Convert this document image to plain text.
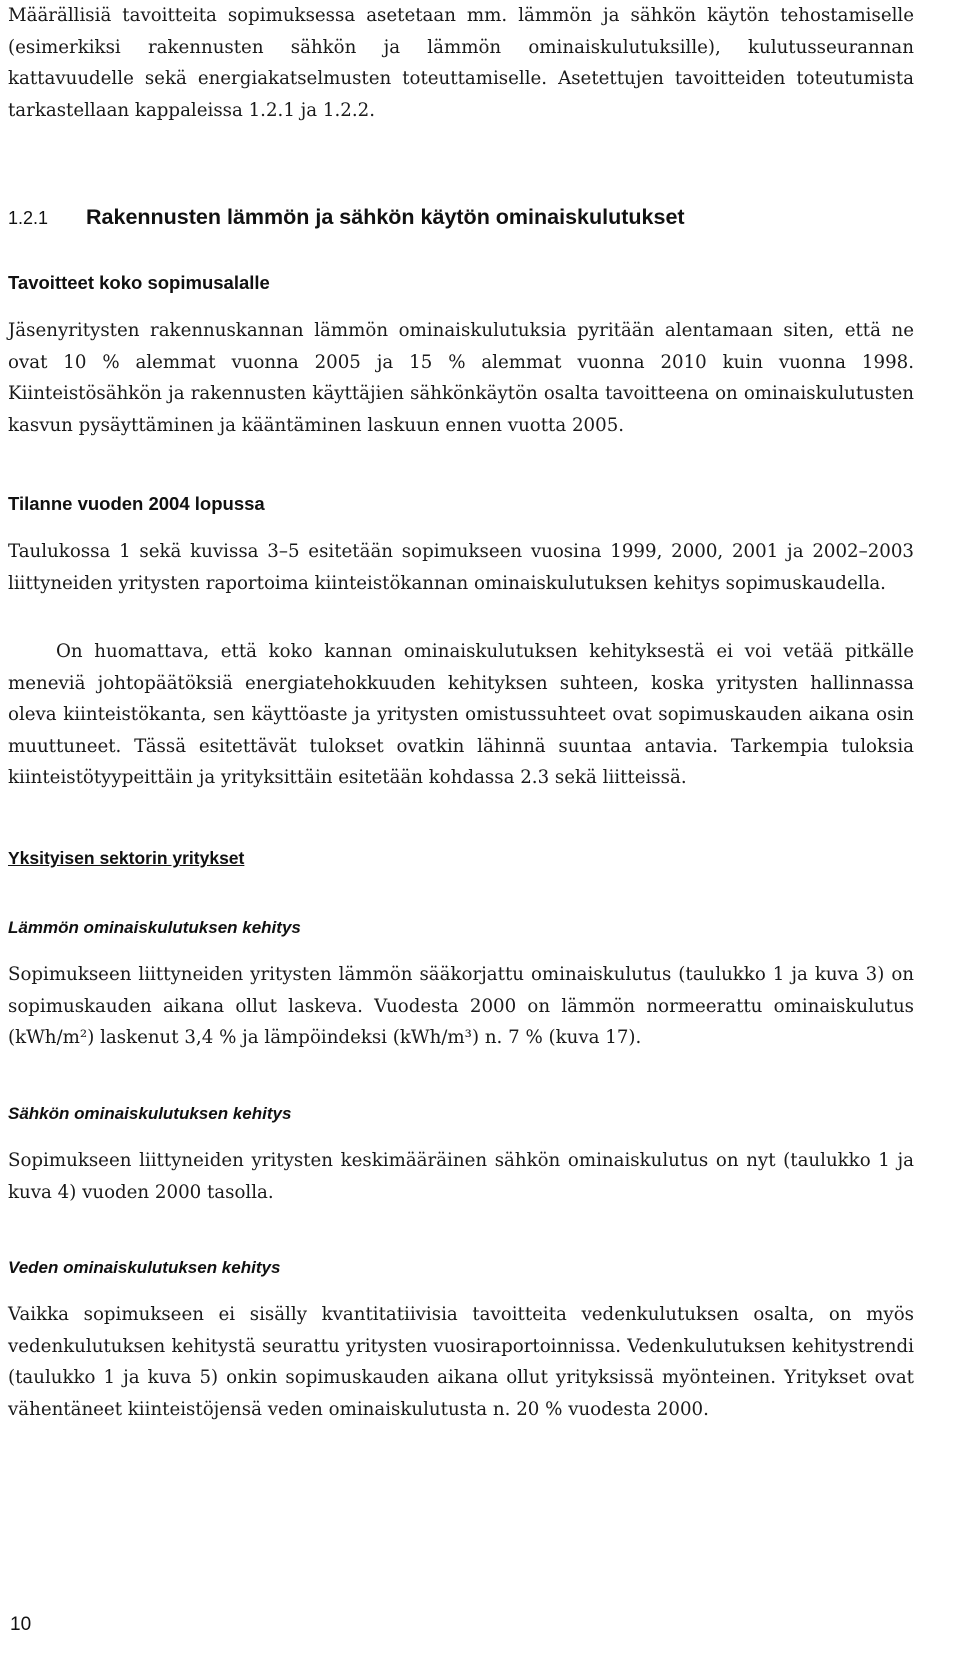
Määrällisiä tavoitteita sopimuksessa asetetaan mm. lämmön ja sähkön käytön tehostamiselle (esimerkiksi rakennusten sähkön ja lämmön ominaiskulutuksille), kulutusseurannan kattavuudelle sekä energiakatselmusten toteuttamiselle. Asetettujen tavoitteiden toteutumista tarkastellaan kappaleissa 1.2.1 ja 1.2.2.

1.2.1	Rakennusten lämmön ja sähkön käytön ominaiskulutukset

Tavoitteet koko sopimusalalle

Jäsenyritysten rakennuskannan lämmön ominaiskulutuksia pyritään alentamaan siten, että ne ovat 10 % alemmat vuonna 2005 ja 15 % alemmat vuonna 2010 kuin vuonna 1998. Kiinteistösähkön ja rakennusten käyttäjien sähkönkäytön osalta tavoitteena on ominaiskulutusten kasvun pysäyttäminen ja kääntäminen laskuun ennen vuotta 2005.

Tilanne vuoden 2004 lopussa

Taulukossa 1 sekä kuvissa 3–5 esitetään sopimukseen vuosina 1999, 2000, 2001 ja 2002–2003 liittyneiden yritysten raportoima kiinteistökannan ominaiskulutuksen kehitys sopimuskaudella.

On huomattava, että koko kannan ominaiskulutuksen kehityksestä ei voi vetää pitkälle meneviä johtopäätöksiä energiatehokkuuden kehityksen suhteen, koska yritysten hallinnassa oleva kiinteistökanta, sen käyttöaste ja yritysten omistussuhteet ovat sopimuskauden aikana osin muuttuneet. Tässä esitettävät tulokset ovatkin lähinnä suuntaa antavia. Tarkempia tuloksia kiinteistötyypeittäin ja yrityksittäin esitetään kohdassa 2.3 sekä liitteissä.

Yksityisen sektorin yritykset

Lämmön ominaiskulutuksen kehitys

Sopimukseen liittyneiden yritysten lämmön sääkorjattu ominaiskulutus (taulukko 1 ja kuva 3) on sopimuskauden aikana ollut laskeva. Vuodesta 2000 on lämmön normeerattu ominaiskulutus (kWh/m²) laskenut 3,4 % ja lämpöindeksi (kWh/m³) n. 7 % (kuva 17).

Sähkön ominaiskulutuksen kehitys

Sopimukseen liittyneiden yritysten keskimääräinen sähkön ominaiskulutus on nyt (taulukko 1 ja kuva 4) vuoden 2000 tasolla.

Veden ominaiskulutuksen kehitys

Vaikka sopimukseen ei sisälly kvantitatiivisia tavoitteita vedenkulutuksen osalta, on myös vedenkulutuksen kehitystä seurattu yritysten vuosiraportoinnissa. Vedenkulutuksen kehitystrendi (taulukko 1 ja kuva 5) onkin sopimuskauden aikana ollut yrityksissä myönteinen. Yritykset ovat vähentäneet kiinteistöjensä veden ominaiskulutusta n. 20 % vuodesta 2000.

10
